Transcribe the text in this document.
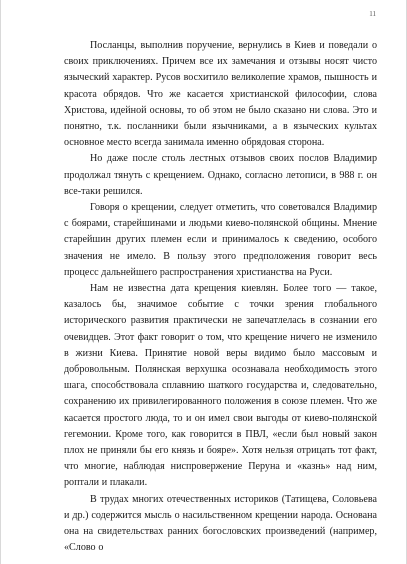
11

Посланцы, выполнив поручение, вернулись в Киев и поведали о своих приключениях. Причем все их замечания и отзывы носят чисто языческий характер. Русов восхитило великолепие храмов, пышность и красота обрядов. Что же касается христианской философии, слова Христова, идейной основы, то об этом не было сказано ни слова. Это и понятно, т.к. посланники были язычниками, а в языческих культах основное место всегда занимала именно обрядовая сторона.

Но даже после столь лестных отзывов своих послов Владимир продолжал тянуть с крещением. Однако, согласно летописи, в 988 г. он все-таки решился.

Говоря о крещении, следует отметить, что советовался Владимир с боярами, старейшинами и людьми киево-полянской общины. Мнение старейшин других племен если и принималось к сведению, особого значения не имело. В пользу этого предположения говорит весь процесс дальнейшего распространения христианства на Руси.

Нам не известна дата крещения киевлян. Более того — такое, казалось бы, значимое событие с точки зрения глобального исторического развития практически не запечатлелась в сознании его очевидцев. Этот факт говорит о том, что крещение ничего не изменило в жизни Киева. Принятие новой веры видимо было массовым и добровольным. Полянская верхушка осознавала необходимость этого шага, способствовала сплавнию шаткого государства и, следовательно, сохранению их привилегированного положения в союзе племен. Что же касается простого люда, то и он имел свои выгоды от киево-полянской гегемонии. Кроме того, как говорится в ПВЛ, «если был новый закон плох не приняли бы его князь и бояре». Хотя нельзя отрицать тот факт, что многие, наблюдая ниспровержение Перуна и «казнь» над ним, роптали и плакали.

В трудах многих отечественных историков (Татищева, Соловьева и др.) содержится мысль о насильственном крещении народа. Основана она на свидетельствах ранних богословских произведений (например, «Слово о
